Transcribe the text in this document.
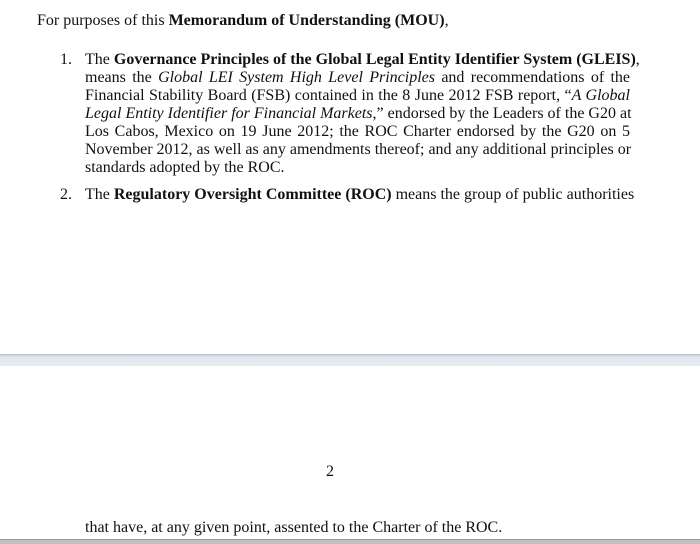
For purposes of this Memorandum of Understanding (MOU),
1. The Governance Principles of the Global Legal Entity Identifier System (GLEIS),
means the Global LEI System High Level Principles and recommendations of the
Financial Stability Board (FSB) contained in the 8 June 2012 FSB report, “A Global
Legal Entity Identifier for Financial Markets,” endorsed by the Leaders of the G20 at
Los Cabos, Mexico on 19 June 2012; the ROC Charter endorsed by the G20 on 5
November 2012, as well as any amendments thereof; and any additional principles or
standards adopted by the ROC.
2. The Regulatory Oversight Committee (ROC) means the group of public authorities
2
that have, at any given point, assented to the Charter of the ROC.
